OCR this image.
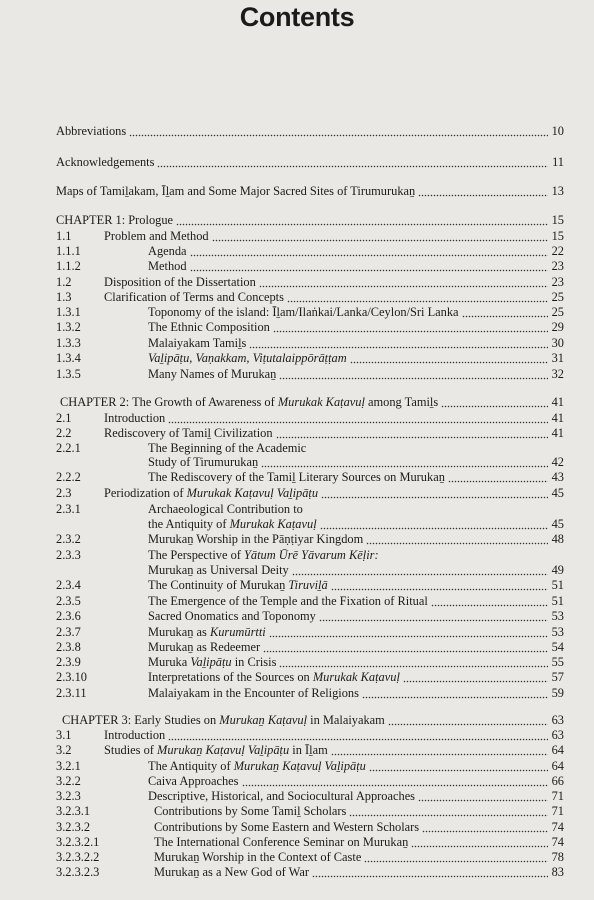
Contents
Abbreviations	10
Acknowledgements	11
Maps of Tamiḻakam, Īḻam and Some Major Sacred Sites of Tirumurukaṉ	13
CHAPTER 1: Prologue	15
1.1	Problem and Method	15
1.1.1	Agenda	22
1.1.2	Method	23
1.2	Disposition of the Dissertation	23
1.3	Clarification of Terms and Concepts	25
1.3.1	Toponomy of the island: Īḻam/Ilaṅkai/Lanka/Ceylon/Sri Lanka	25
1.3.2	The Ethnic Composition	29
1.3.3	Malaiyakam Tamiḻs	30
1.3.4	Vaḻipāṭu, Vaṇakkam, Viṭutalaippōrāṭṭam	31
1.3.5	Many Names of Murukaṉ	32
CHAPTER 2: The Growth of Awareness of Murukak Kaṭavuḷ among Tamiḻs	41
2.1	Introduction	41
2.2	Rediscovery of Tamiḻ Civilization	41
2.2.1	The Beginning of the Academic
Study of Tirumurukaṉ	42
2.2.2	The Rediscovery of the Tamiḻ Literary Sources on Murukaṉ	43
2.3	Periodization of Murukak Kaṭavuḷ Vaḻipāṭu	45
2.3.1	Archaeological Contribution to
the Antiquity of Murukak Kaṭavuḷ	45
2.3.2	Murukaṉ Worship in the Pāṇṭiyar Kingdom	48
2.3.3	The Perspective of Yātum Ūrē Yāvarum Kēḷir:
Murukaṉ as Universal Deity	49
2.3.4	The Continuity of Murukaṉ Tiruviḻā	51
2.3.5	The Emergence of the Temple and the Fixation of Ritual	51
2.3.6	Sacred Onomatics and Toponomy	53
2.3.7	Murukaṉ as Kurumūrtti	53
2.3.8	Murukaṉ as Redeemer	54
2.3.9	Muruka Vaḻipāṭu in Crisis	55
2.3.10	Interpretations of the Sources on Murukak Kaṭavuḷ	57
2.3.11	Malaiyakam in the Encounter of Religions	59
CHAPTER 3: Early Studies on Murukaṉ Kaṭavuḷ in Malaiyakam	63
3.1	Introduction	63
3.2	Studies of Murukaṉ Kaṭavuḷ Vaḻipāṭu in Īḻam	64
3.2.1	The Antiquity of Murukaṉ Kaṭavuḷ Vaḻipāṭu	64
3.2.2	Caiva Approaches	66
3.2.3	Descriptive, Historical, and Sociocultural Approaches	71
3.2.3.1	Contributions by Some Tamiḻ Scholars	71
3.2.3.2	Contributions by Some Eastern and Western Scholars	74
3.2.3.2.1	The International Conference Seminar on Murukaṉ	74
3.2.3.2.2	Murukaṉ Worship in the Context of Caste	78
3.2.3.2.3	Murukaṉ as a New God of War	83
